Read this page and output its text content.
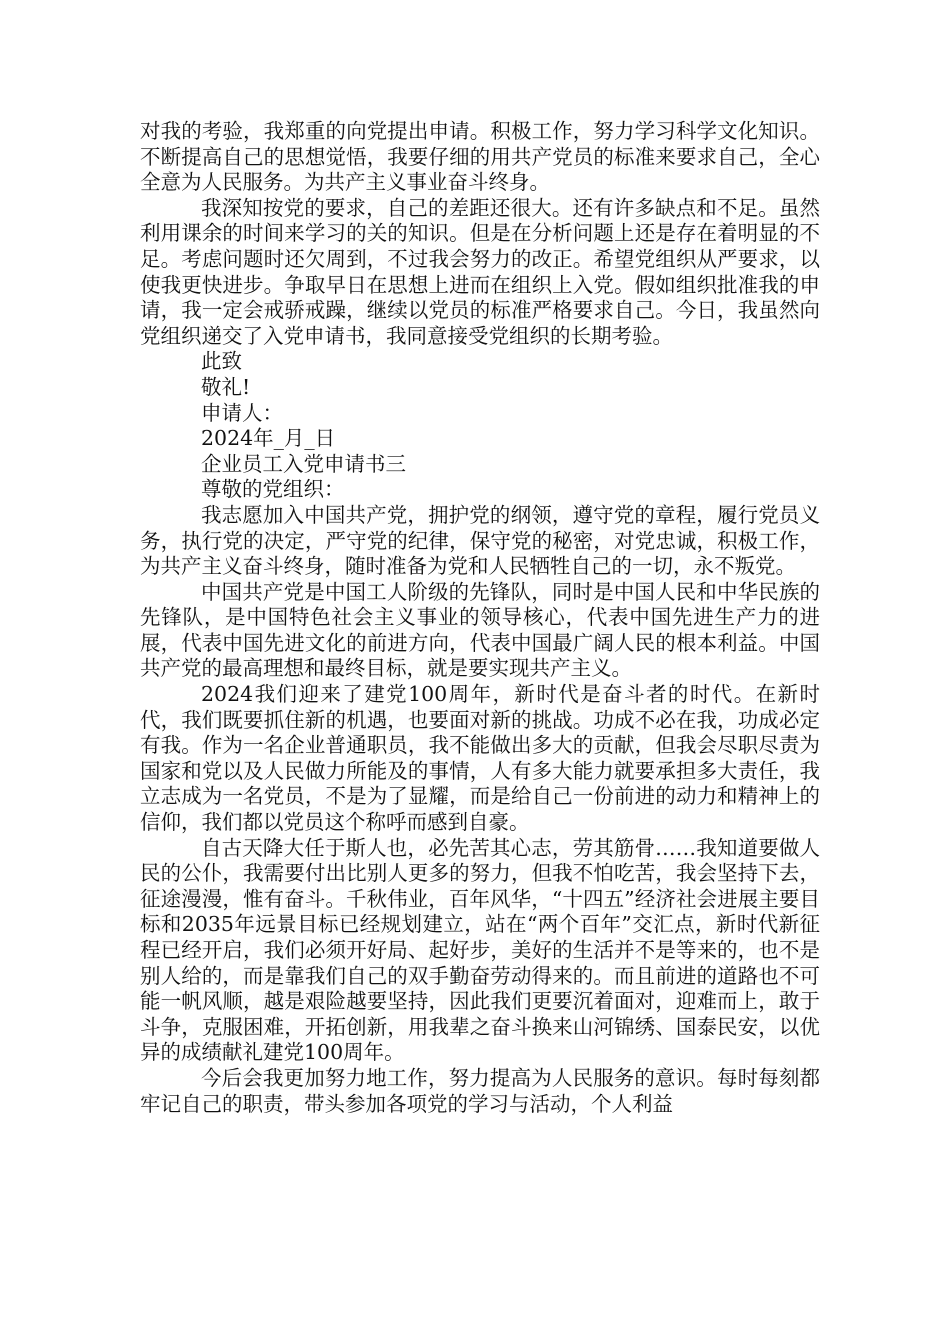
对我的考验，我郑重的向党提出申请。积极工作，努力学习科学文化知识。不断提高自己的思想觉悟，我要仔细的用共产党员的标准来要求自己，全心全意为人民服务。为共产主义事业奋斗终身。

我深知按党的要求，自己的差距还很大。还有许多缺点和不足。虽然利用课余的时间来学习的关的知识。但是在分析问题上还是存在着明显的不足。考虑问题时还欠周到，不过我会努力的改正。希望党组织从严要求，以使我更快进步。争取早日在思想上进而在组织上入党。假如组织批准我的申请，我一定会戒骄戒躁，继续以党员的标准严格要求自己。今日，我虽然向党组织递交了入党申请书，我同意接受党组织的长期考验。

此致

敬礼!

申请人：

2024年_月_日

企业员工入党申请书三

尊敬的党组织：

我志愿加入中国共产党，拥护党的纲领，遵守党的章程，履行党员义务，执行党的决定，严守党的纪律，保守党的秘密，对党忠诚，积极工作，为共产主义奋斗终身，随时准备为党和人民牺牲自己的一切，永不叛党。

中国共产党是中国工人阶级的先锋队，同时是中国人民和中华民族的先锋队，是中国特色社会主义事业的领导核心，代表中国先进生产力的进展，代表中国先进文化的前进方向，代表中国最广阔人民的根本利益。中国共产党的最高理想和最终目标，就是要实现共产主义。

2024我们迎来了建党100周年，新时代是奋斗者的时代。在新时代，我们既要抓住新的机遇，也要面对新的挑战。功成不必在我，功成必定有我。作为一名企业普通职员，我不能做出多大的贡献，但我会尽职尽责为国家和党以及人民做力所能及的事情，人有多大能力就要承担多大责任，我立志成为一名党员，不是为了显耀，而是给自己一份前进的动力和精神上的信仰，我们都以党员这个称呼而感到自豪。

自古天降大任于斯人也，必先苦其心志，劳其筋骨……我知道要做人民的公仆，我需要付出比别人更多的努力，但我不怕吃苦，我会坚持下去，征途漫漫，惟有奋斗。千秋伟业，百年风华，“十四五”经济社会进展主要目标和2035年远景目标已经规划建立，站在“两个百年”交汇点，新时代新征程已经开启，我们必须开好局、起好步，美好的生活并不是等来的，也不是别人给的，而是靠我们自己的双手勤奋劳动得来的。而且前进的道路也不可能一帆风顺，越是艰险越要坚持，因此我们更要沉着面对，迎难而上，敢于斗争，克服困难，开拓创新，用我辈之奋斗换来山河锦绣、国泰民安，以优异的成绩献礼建党100周年。

今后会我更加努力地工作，努力提高为人民服务的意识。每时每刻都牢记自己的职责，带头参加各项党的学习与活动，个人利益
